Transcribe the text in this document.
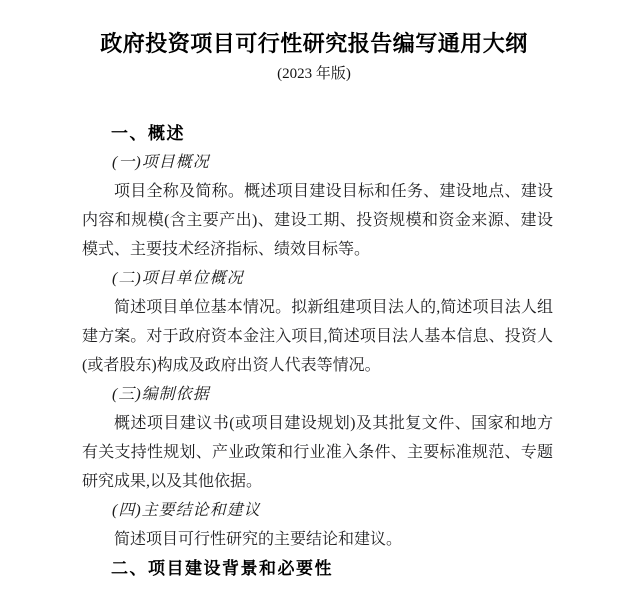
政府投资项目可行性研究报告编写通用大纲

(2023 年版)

一、概述
(一)项目概况

项目全称及简称。概述项目建设目标和任务、建设地点、建设内容和规模(含主要产出)、建设工期、投资规模和资金来源、建设模式、主要技术经济指标、绩效目标等。

(二)项目单位概况

简述项目单位基本情况。拟新组建项目法人的,简述项目法人组建方案。对于政府资本金注入项目,简述项目法人基本信息、投资人(或者股东)构成及政府出资人代表等情况。

(三)编制依据

概述项目建议书(或项目建设规划)及其批复文件、国家和地方有关支持性规划、产业政策和行业准入条件、主要标准规范、专题研究成果,以及其他依据。

(四)主要结论和建议

简述项目可行性研究的主要结论和建议。

二、项目建设背景和必要性
